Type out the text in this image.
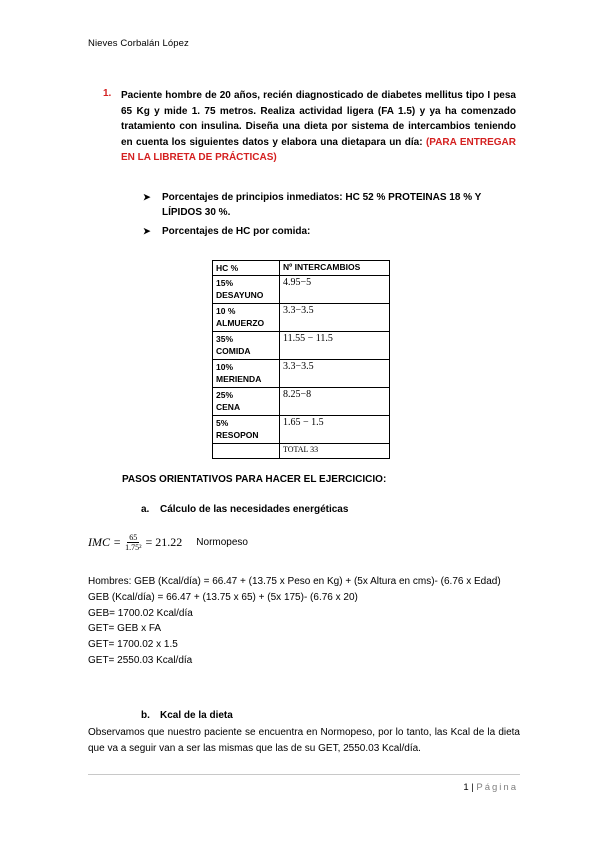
Nieves Corbalán López
1. Paciente hombre de 20 años, recién diagnosticado de diabetes mellitus tipo I pesa 65 Kg y mide 1. 75 metros. Realiza actividad ligera (FA 1.5) y ya ha comenzado tratamiento con insulina. Diseña una dieta por sistema de intercambios teniendo en cuenta los siguientes datos y elabora una dietapara un día: (PARA ENTREGAR EN LA LIBRETA DE PRÁCTICAS)
➤ Porcentajes de principios inmediatos: HC 52 % PROTEINAS 18 % Y LÍPIDOS 30 %.
➤ Porcentajes de HC por comida:
HC %	Nº INTERCAMBIOS

15%
DESAYUNO	4.95−5

10 %
ALMUERZO	3.3−3.5

35%
COMIDA	11.55 − 11.5

10%
MERIENDA	3.3−3.5

25%
CENA	8.25−8

5%
RESOPON	1.65 − 1.5
	TOTAL 33
PASOS ORIENTATIVOS PARA HACER EL EJERCICICIO:
a. Cálculo de las necesidades energéticas
IMC = $\frac{65}{\text{1.75²}} = 21.22$ Normopeso
Hombres: GEB (Kcal/día) = 66.47 + (13.75 x Peso en Kg) + (5x Altura en cms)- (6.76 x Edad)
GEB (Kcal/día) = 66.47 + (13.75 x 65) + (5x 175)- (6.76 x 20)
GEB= 1700.02 Kcal/día
GET= GEB x FA
GET= 1700.02 x 1.5
GET= 2550.03 Kcal/día
b. Kcal de la dieta
Observamos que nuestro paciente se encuentra en Normopeso, por lo tanto, las Kcal de la dieta que va a seguir van a ser las mismas que las de su GET, 2550.03 Kcal/día.
1 | Página
